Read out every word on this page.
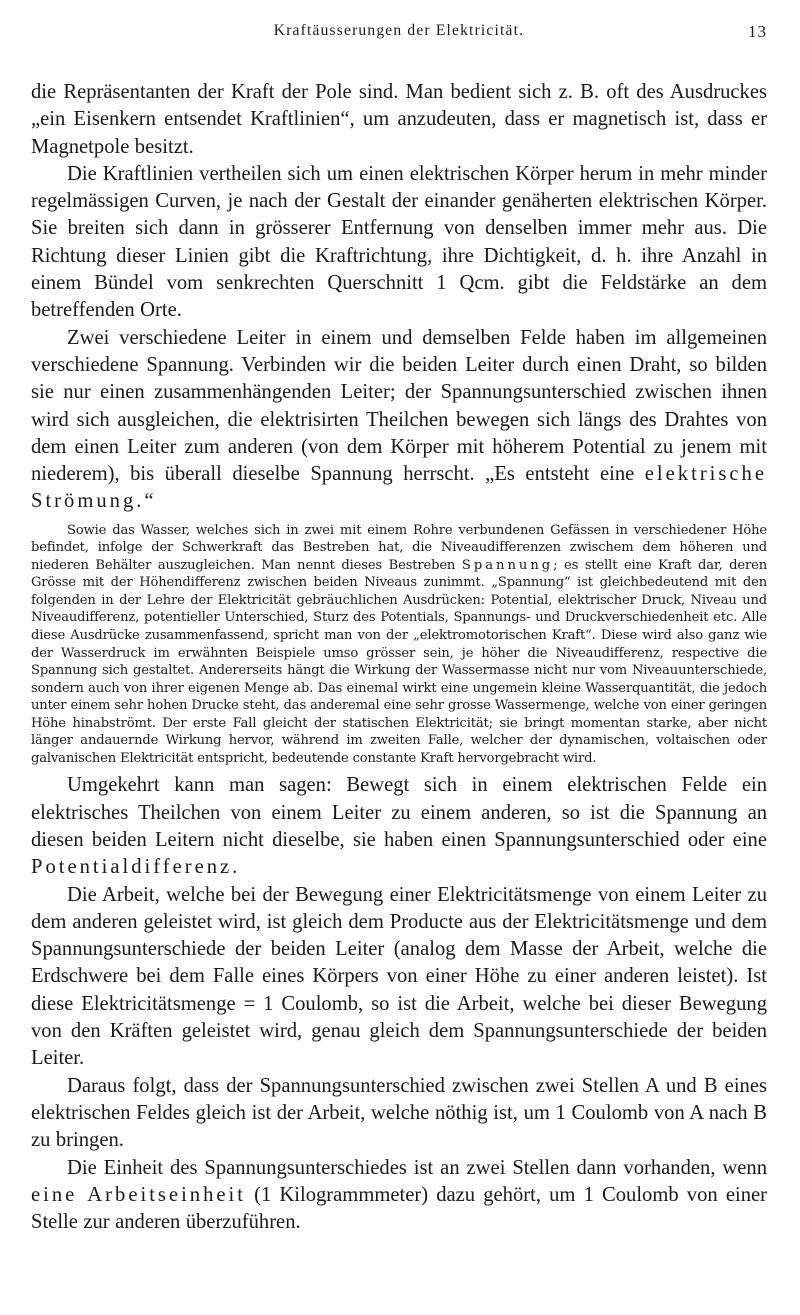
Kraftäusserungen der Elektricität.	13

die Repräsentanten der Kraft der Pole sind. Man bedient sich z. B. oft des Ausdruckes „ein Eisenkern entsendet Kraftlinien“, um anzudeuten, dass er magnetisch ist, dass er Magnetpole besitzt.

Die Kraftlinien vertheilen sich um einen elektrischen Körper herum in mehr minder regelmässigen Curven, je nach der Gestalt der einander genäherten elektrischen Körper. Sie breiten sich dann in grösserer Entfernung von denselben immer mehr aus. Die Richtung dieser Linien gibt die Kraftrichtung, ihre Dichtigkeit, d. h. ihre Anzahl in einem Bündel vom senkrechten Querschnitt 1 Qcm. gibt die Feldstärke an dem betreffenden Orte.

Zwei verschiedene Leiter in einem und demselben Felde haben im allgemeinen verschiedene Spannung. Verbinden wir die beiden Leiter durch einen Draht, so bilden sie nur einen zusammenhängenden Leiter; der Spannungsunterschied zwischen ihnen wird sich ausgleichen, die elektrisirten Theilchen bewegen sich längs des Drahtes von dem einen Leiter zum anderen (von dem Körper mit höherem Potential zu jenem mit niederem), bis überall dieselbe Spannung herrscht. „Es entsteht eine elektrische Strömung.“

Sowie das Wasser, welches sich in zwei mit einem Rohre verbundenen Gefässen in verschiedener Höhe befindet, infolge der Schwerkraft das Bestreben hat, die Niveaudifferenzen zwischem dem höheren und niederen Behälter auszugleichen. Man nennt dieses Bestreben Spannung; es stellt eine Kraft dar, deren Grösse mit der Höhendifferenz zwischen beiden Niveaus zunimmt. „Spannung“ ist gleichbedeutend mit den folgenden in der Lehre der Elektricität gebräuchlichen Ausdrücken: Potential, elektrischer Druck, Niveau und Niveaudifferenz, potentieller Unterschied, Sturz des Potentials, Spannungs- und Druckverschiedenheit etc. Alle diese Ausdrücke zusammenfassend, spricht man von der „elektromotorischen Kraft“. Diese wird also ganz wie der Wasserdruck im erwähnten Beispiele umso grösser sein, je höher die Niveaudifferenz, respective die Spannung sich gestaltet. Andererseits hängt die Wirkung der Wassermasse nicht nur vom Niveauunterschiede, sondern auch von ihrer eigenen Menge ab. Das einemal wirkt eine ungemein kleine Wasserquantität, die jedoch unter einem sehr hohen Drucke steht, das anderemal eine sehr grosse Wassermenge, welche von einer geringen Höhe hinabströmt. Der erste Fall gleicht der statischen Elektricität; sie bringt momentan starke, aber nicht länger andauernde Wirkung hervor, während im zweiten Falle, welcher der dynamischen, voltaischen oder galvanischen Elektricität entspricht, bedeutende constante Kraft hervorgebracht wird.

Umgekehrt kann man sagen: Bewegt sich in einem elektrischen Felde ein elektrisches Theilchen von einem Leiter zu einem anderen, so ist die Spannung an diesen beiden Leitern nicht dieselbe, sie haben einen Spannungsunterschied oder eine Potentialdifferenz.

Die Arbeit, welche bei der Bewegung einer Elektricitätsmenge von einem Leiter zu dem anderen geleistet wird, ist gleich dem Producte aus der Elektricitätsmenge und dem Spannungsunterschiede der beiden Leiter (analog dem Masse der Arbeit, welche die Erdschwere bei dem Falle eines Körpers von einer Höhe zu einer anderen leistet). Ist diese Elektricitätsmenge = 1 Coulomb, so ist die Arbeit, welche bei dieser Bewegung von den Kräften geleistet wird, genau gleich dem Spannungsunterschiede der beiden Leiter.

Daraus folgt, dass der Spannungsunterschied zwischen zwei Stellen A und B eines elektrischen Feldes gleich ist der Arbeit, welche nöthig ist, um 1 Coulomb von A nach B zu bringen.

Die Einheit des Spannungsunterschiedes ist an zwei Stellen dann vorhanden, wenn eine Arbeitseinheit (1 Kilogrammmeter) dazu gehört, um 1 Coulomb von einer Stelle zur anderen überzuführen.
